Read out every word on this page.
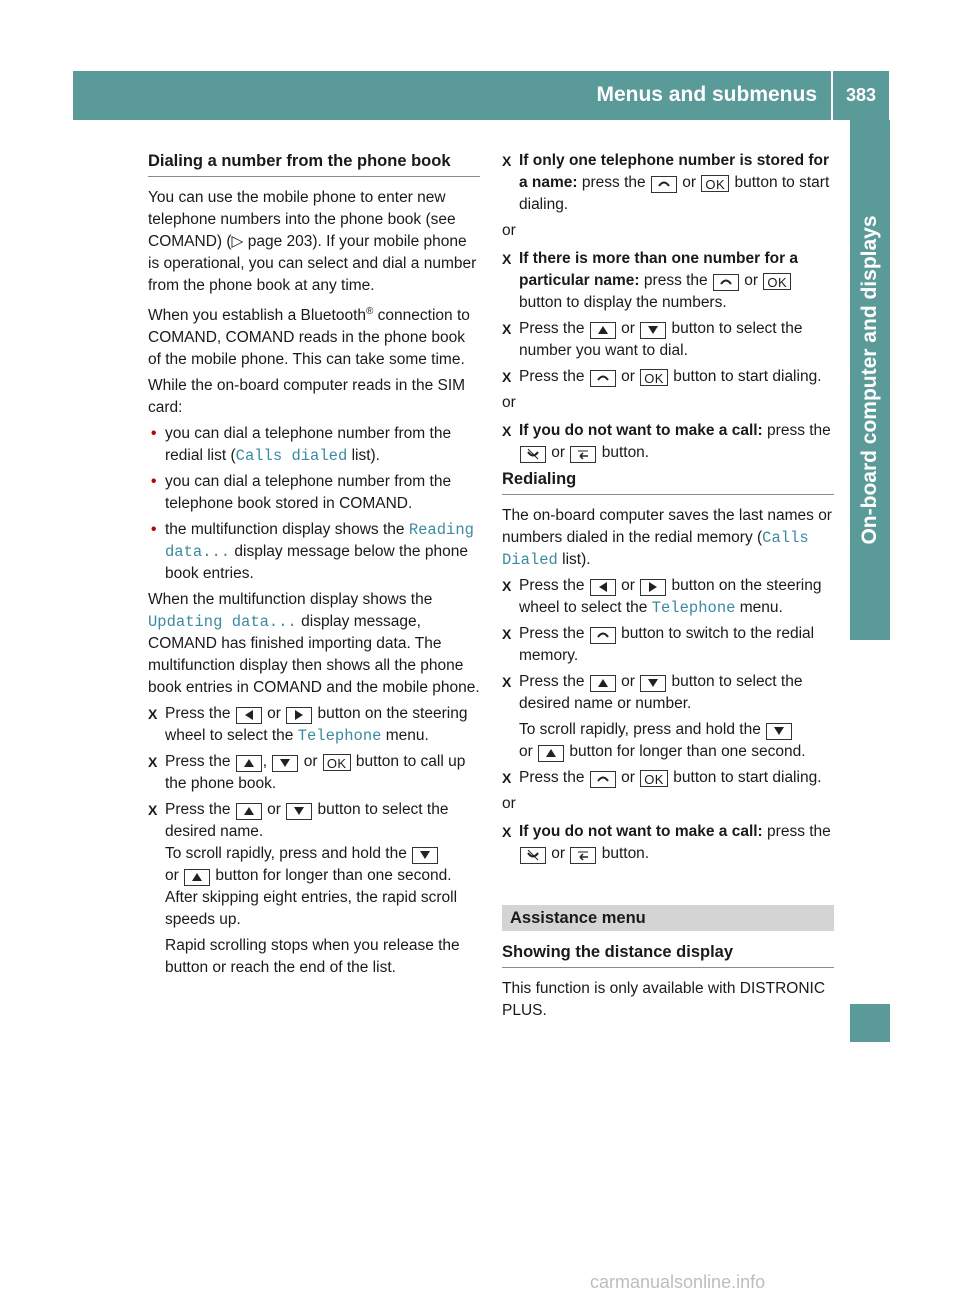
Menus and submenus	383
On-board computer and displays
Dialing a number from the phone book

You can use the mobile phone to enter new telephone numbers into the phone book (see COMAND) (▷ page 203). If your mobile phone is operational, you can select and dial a number from the phone book at any time.

When you establish a Bluetooth® connection to COMAND, COMAND reads in the phone book of the mobile phone. This can take some time.

While the on-board computer reads in the SIM card:

• you can dial a telephone number from the redial list (Calls dialed list).
• you can dial a telephone number from the telephone book stored in COMAND.
• the multifunction display shows the Reading data... display message below the phone book entries.

When the multifunction display shows the Updating data... display message, COMAND has finished importing data. The multifunction display then shows all the phone book entries in COMAND and the mobile phone.

X Press the  or  button on the steering wheel to select the Telephone menu.
X Press the ,  or OK button to call up the phone book.
X Press the  or  button to select the desired name.
To scroll rapidly, press and hold the
or  button for longer than one second. After skipping eight entries, the rapid scroll speeds up.
Rapid scrolling stops when you release the button or reach the end of the list.
X If only one telephone number is stored for a name: press the  or OK button to start dialing.
or
X If there is more than one number for a particular name: press the  or OK button to display the numbers.
X Press the  or  button to select the number you want to dial.
X Press the  or OK button to start dialing.
or
X If you do not want to make a call: press the  or  button.
Redialing

The on-board computer saves the last names or numbers dialed in the redial memory (Calls Dialed list).

X Press the  or  button on the steering wheel to select the Telephone menu.
X Press the  button to switch to the redial memory.
X Press the  or  button to select the desired name or number.
To scroll rapidly, press and hold the
or  button for longer than one second.
X Press the  or OK button to start dialing.
or
X If you do not want to make a call: press the  or  button.
Assistance menu
Showing the distance display

This function is only available with DISTRONIC PLUS.

carmanualsonline.info
